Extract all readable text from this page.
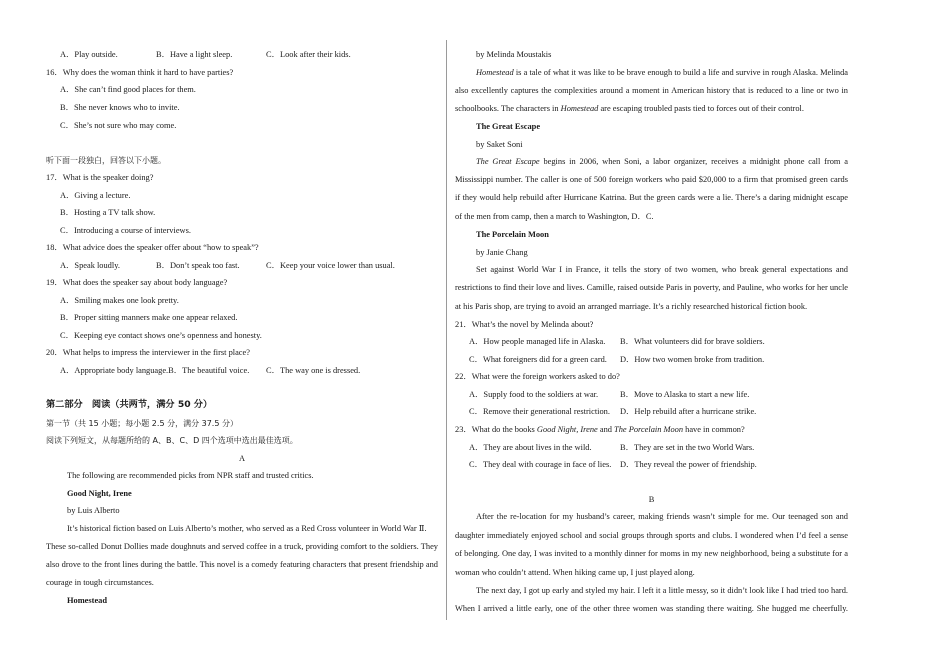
A．Play outside.	B．Have a light sleep.	C．Look after their kids.
16．Why does the woman think it hard to have parties?
A．She can’t find good places for them.
B．She never knows who to invite.
C．She’s not sure who may come.
听下面一段独白，回答以下小题。
17．What is the speaker doing?
A．Giving a lecture.
B．Hosting a TV talk show.
C．Introducing a course of interviews.
18．What advice does the speaker offer about “how to speak”?
A．Speak loudly.	B．Don’t speak too fast.	C．Keep your voice lower than usual.
19．What does the speaker say about body language?
A．Smiling makes one look pretty.
B．Proper sitting manners make one appear relaxed.
C．Keeping eye contact shows one’s openness and honesty.
20．What helps to impress the interviewer in the first place?
A．Appropriate body language.B．The beautiful voice. C．The way one is dressed.
第二部分　阅读（共两节，满分 50 分）
第一节（共 15 小题；每小题 2.5 分，满分 37.5 分）
阅读下列短文，从每题所给的 A、B、C、D 四个选项中选出最佳选项。
A
The following are recommended picks from NPR staff and trusted critics.
Good Night, Irene
by Luis Alberto
It’s historical fiction based on Luis Alberto’s mother, who served as a Red Cross volunteer in World War Ⅱ.
These so-called Donut Dollies made doughnuts and served coffee in a truck, providing comfort to the soldiers. They
also drove to the front lines during the battle. This novel is a comedy featuring characters that present friendship and
courage in tough circumstances.
Homestead
by Melinda Moustakis
Homestead is a tale of what it was like to be brave enough to build a life and survive in rough Alaska. Melinda
also excellently captures the complexities around a moment in American history that is reduced to a line or two in
schoolbooks. The characters in Homestead are escaping troubled pasts tied to forces out of their control.
The Great Escape
by Saket Soni
The Great Escape begins in 2006, when Soni, a labor organizer, receives a midnight phone call from a
Mississippi number. The caller is one of 500 foreign workers who paid $20,000 to a firm that promised green cards
if they would help rebuild after Hurricane Katrina. But the green cards were a lie. There’s a daring midnight escape
of the men from camp, then a march to Washington, D．C.
The Porcelain Moon
by Janie Chang
Set against World War I in France, it tells the story of two women, who break general expectations and
restrictions to find their love and lives. Camille, raised outside Paris in poverty, and Pauline, who works for her uncle
at his Paris shop, are trying to avoid an arranged marriage. It’s a richly researched historical fiction book.
21．What’s the novel by Melinda about?
A．How people managed life in Alaska. B．What volunteers did for brave soldiers.
C．What foreigners did for a green card. D．How two women broke from tradition.
22．What were the foreign workers asked to do?
A．Supply food to the soldiers at war.	B．Move to Alaska to start a new life.
C．Remove their generational restriction. D．Help rebuild after a hurricane strike.
23．What do the books Good Night, Irene and The Porcelain Moon have in common?
A．They are about lives in the wild.	B．They are set in the two World Wars.
C．They deal with courage in face of lies. D．They reveal the power of friendship.
B
After the re-location for my husband’s career, making friends wasn’t simple for me. Our teenaged son and
daughter immediately enjoyed school and social groups through sports and clubs. I wondered when I’d feel a sense
of belonging. One day, I was invited to a monthly dinner for moms in my new neighborhood, being a substitute for a
woman who couldn’t attend. When hiking came up, I just played along.
The next day, I got up early and styled my hair. I left it a little messy, so it didn’t look like I had tried too hard.
When I arrived a little early, one of the other three women was standing there waiting. She hugged me cheerfully.
